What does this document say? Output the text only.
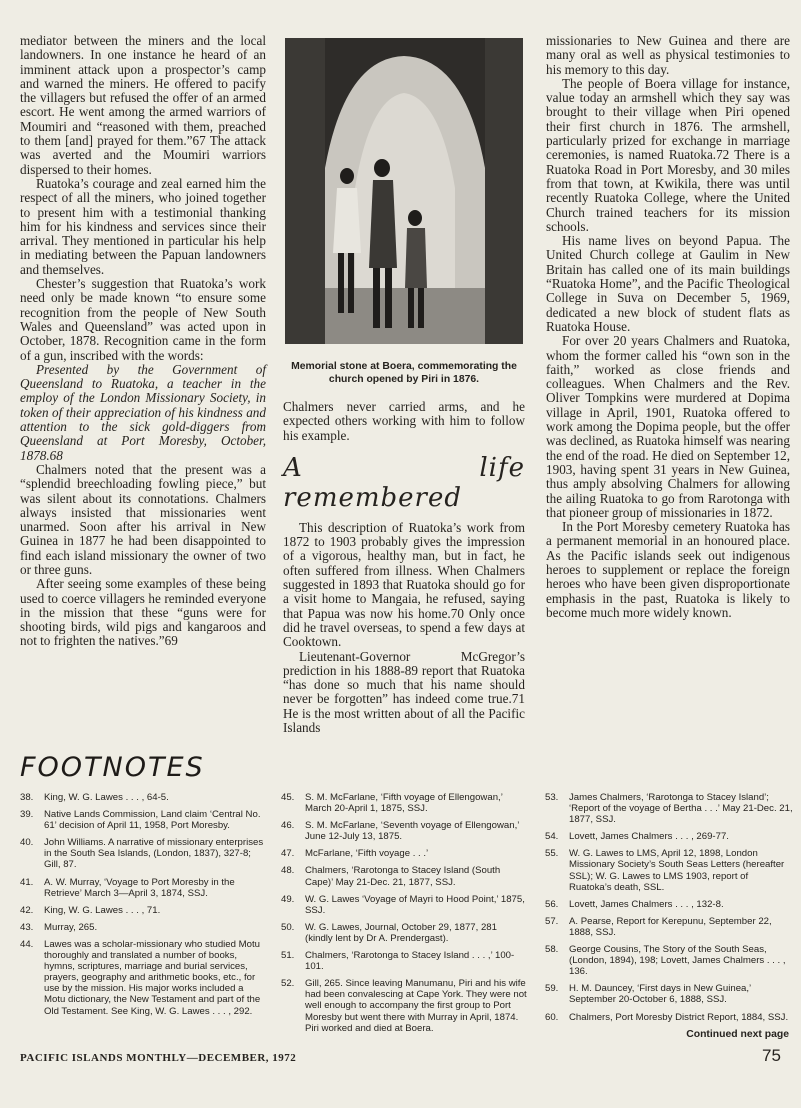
mediator between the miners and the local landowners. In one instance he heard of an imminent attack upon a prospector’s camp and warned the miners. He offered to pacify the villagers but refused the offer of an armed escort. He went among the armed warriors of Moumiri and “reasoned with them, preached to them [and] prayed for them.”67 The attack was averted and the Moumiri warriors dispersed to their homes.

Ruatoka’s courage and zeal earned him the respect of all the miners, who joined together to present him with a testimonial thanking him for his kindness and services since their arrival. They mentioned in particular his help in mediating between the Papuan landowners and themselves.

Chester’s suggestion that Ruatoka’s work need only be made known “to ensure some recognition from the people of New South Wales and Queensland” was acted upon in October, 1878. Recognition came in the form of a gun, inscribed with the words:

Presented by the Government of Queensland to Ruatoka, a teacher in the employ of the London Missionary Society, in token of their appreciation of his kindness and attention to the sick gold-diggers from Queensland at Port Moresby, October, 1878.68

Chalmers noted that the present was a “splendid breechloading fowling piece,” but was silent about its connotations. Chalmers always insisted that missionaries went unarmed. Soon after his arrival in New Guinea in 1877 he had been disappointed to find each island missionary the owner of two or three guns.

After seeing some examples of these being used to coerce villagers he reminded everyone in the mission that these “guns were for shooting birds, wild pigs and kangaroos and not to frighten the natives.”69

Memorial stone at Boera, commemorating the church opened by Piri in 1876.

Chalmers never carried arms, and he expected others working with him to follow his example.

A life remembered

This description of Ruatoka’s work from 1872 to 1903 probably gives the impression of a vigorous, healthy man, but in fact, he often suffered from illness. When Chalmers suggested in 1893 that Ruatoka should go for a visit home to Mangaia, he refused, saying that Papua was now his home.70 Only once did he travel overseas, to spend a few days at Cooktown.

Lieutenant-Governor McGregor’s prediction in his 1888-89 report that Ruatoka “has done so much that his name should never be forgotten” has indeed come true.71 He is the most written about of all the Pacific Islands

missionaries to New Guinea and there are many oral as well as physical testimonies to his memory to this day.

The people of Boera village for instance, value today an armshell which they say was brought to their village when Piri opened their first church in 1876. The armshell, particularly prized for exchange in marriage ceremonies, is named Ruatoka.72 There is a Ruatoka Road in Port Moresby, and 30 miles from that town, at Kwikila, there was until recently Ruatoka College, where the United Church trained teachers for its mission schools.

His name lives on beyond Papua. The United Church college at Gaulim in New Britain has called one of its main buildings “Ruatoka Home”, and the Pacific Theological College in Suva on December 5, 1969, dedicated a new block of student flats as Ruatoka House.

For over 20 years Chalmers and Ruatoka, whom the former called his “own son in the faith,” worked as close friends and colleagues. When Chalmers and the Rev. Oliver Tompkins were murdered at Dopima village in April, 1901, Ruatoka offered to work among the Dopima people, but the offer was declined, as Ruatoka himself was nearing the end of the road. He died on September 12, 1903, having spent 31 years in New Guinea, thus amply absolving Chalmers for allowing the ailing Ruatoka to go from Rarotonga with that pioneer group of missionaries in 1872.

In the Port Moresby cemetery Ruatoka has a permanent memorial in an honoured place. As the Pacific islands seek out indigenous heroes to supplement or replace the foreign heroes who have been given disproportionate emphasis in the past, Ruatoka is likely to become much more widely known.

FOOTNOTES
38. King, W. G. Lawes . . . , 64-5.
39. Native Lands Commission, Land claim ‘Central No. 61’ decision of April 11, 1958, Port Moresby.
40. John Williams. A narrative of missionary enterprises in the South Sea Islands, (London, 1837), 327-8; Gill, 87.
41. A. W. Murray, ‘Voyage to Port Moresby in the Retrieve’ March 3—April 3, 1874, SSJ.
42. King, W. G. Lawes . . . , 71.
43. Murray, 265.
44. Lawes was a scholar-missionary who studied Motu thoroughly and translated a number of books, hymns, scriptures, marriage and burial services, prayers, geography and arithmetic books, etc., for use by the mission. His major works included a Motu dictionary, the New Testament and part of the Old Testament. See King, W. G. Lawes . . . , 292.
45. S. M. McFarlane, ‘Fifth voyage of Ellengowan,’ March 20-April 1, 1875, SSJ.
46. S. M. McFarlane, ‘Seventh voyage of Ellengowan,’ June 12-July 13, 1875.
47. McFarlane, ‘Fifth voyage . . .’
48. Chalmers, ‘Rarotonga to Stacey Island (South Cape)’ May 21-Dec. 21, 1877, SSJ.
49. W. G. Lawes ‘Voyage of Mayri to Hood Point,’ 1875, SSJ.
50. W. G. Lawes, Journal, October 29, 1877, 281 (kindly lent by Dr A. Prendergast).
51. Chalmers, ‘Rarotonga to Stacey Island . . . ,’ 100-101.
52. Gill, 265. Since leaving Manumanu, Piri and his wife had been convalescing at Cape York. They were not well enough to accompany the first group to Port Moresby but went there with Murray in April, 1874. Piri worked and died at Boera.
53. James Chalmers, ‘Rarotonga to Stacey Island’; ‘Report of the voyage of Bertha . . .’ May 21-Dec. 21, 1877, SSJ.
54. Lovett, James Chalmers . . . , 269-77.
55. W. G. Lawes to LMS, April 12, 1898, London Missionary Society’s South Seas Letters (hereafter SSL); W. G. Lawes to LMS 1903, report of Ruatoka’s death, SSL.
56. Lovett, James Chalmers . . . , 132-8.
57. A. Pearse, Report for Kerepunu, September 22, 1888, SSJ.
58. George Cousins, The Story of the South Seas, (London, 1894), 198; Lovett, James Chalmers . . . , 136.
59. H. M. Dauncey, ‘First days in New Guinea,’ September 20-October 6, 1888, SSJ.
60. Chalmers, Port Moresby District Report, 1884, SSJ.
Continued next page
PACIFIC ISLANDS MONTHLY—DECEMBER, 1972	75
